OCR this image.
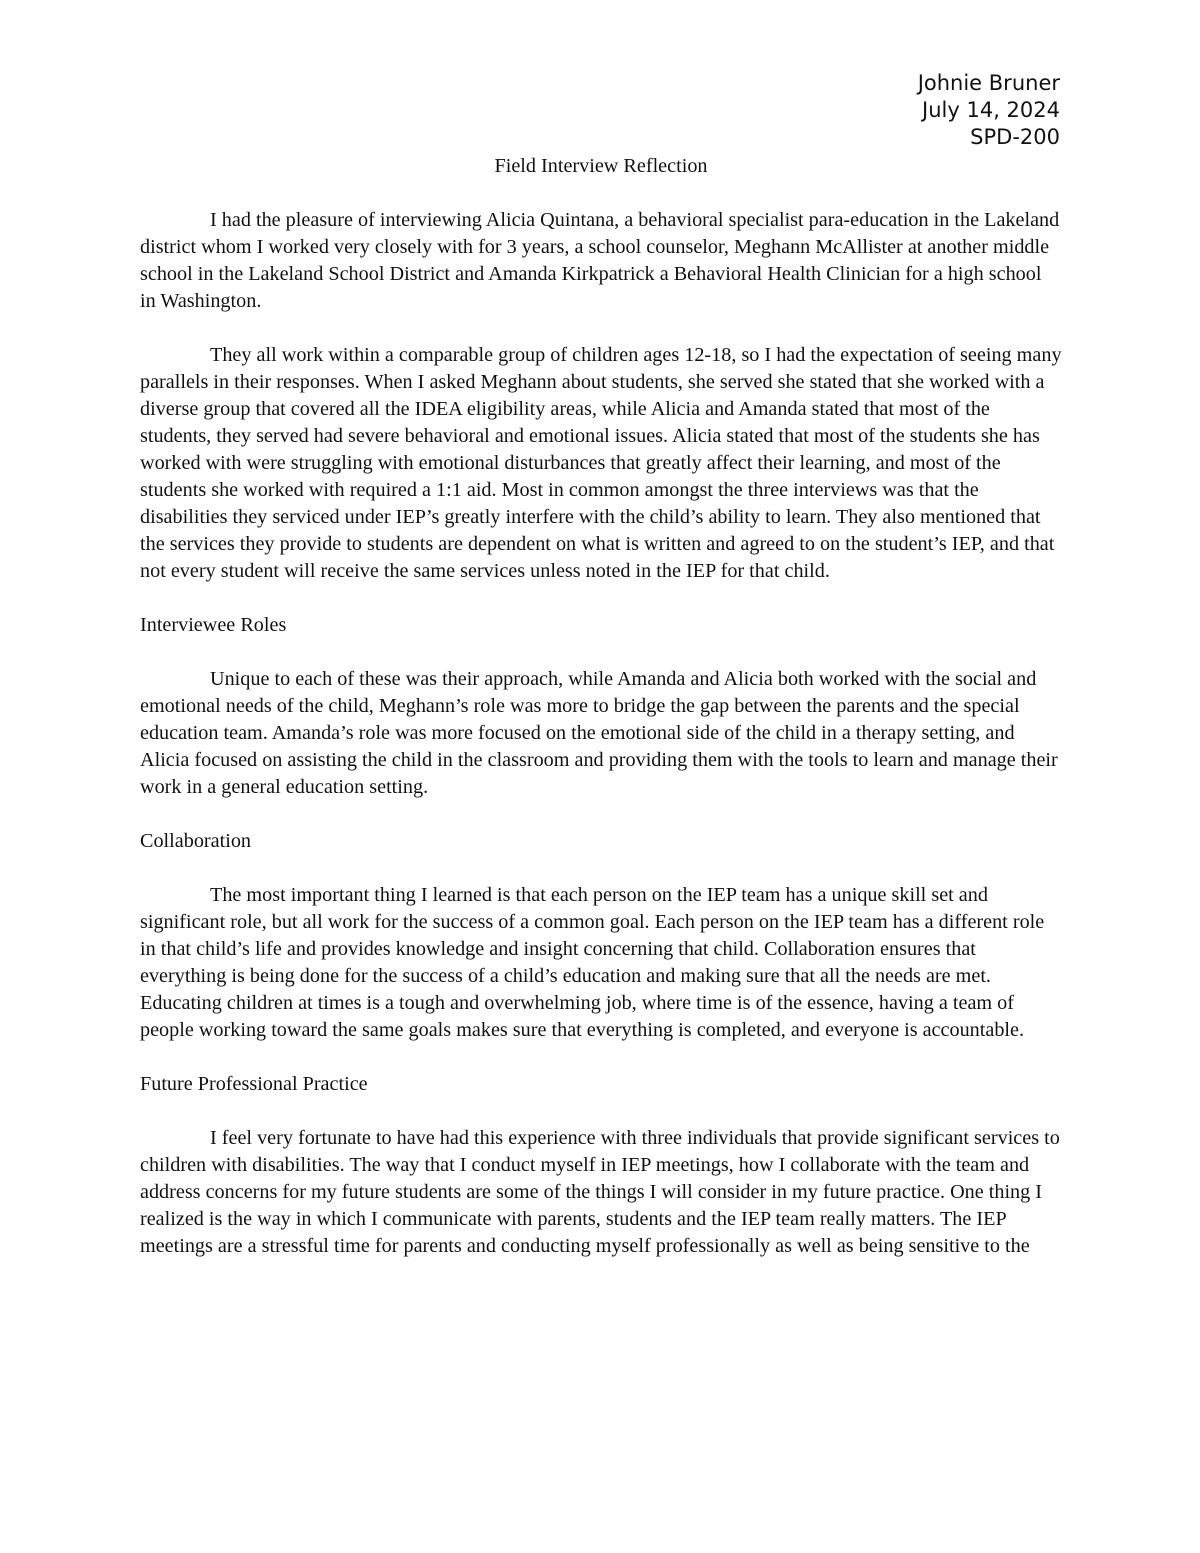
Johnie Bruner
July 14, 2024
SPD-200
Field Interview Reflection

I had the pleasure of interviewing Alicia Quintana, a behavioral specialist para-education in the Lakeland district whom I worked very closely with for 3 years, a school counselor, Meghann McAllister at another middle school in the Lakeland School District and Amanda Kirkpatrick a Behavioral Health Clinician for a high school in Washington.

They all work within a comparable group of children ages 12-18, so I had the expectation of seeing many parallels in their responses. When I asked Meghann about students, she served she stated that she worked with a diverse group that covered all the IDEA eligibility areas, while Alicia and Amanda stated that most of the students, they served had severe behavioral and emotional issues. Alicia stated that most of the students she has worked with were struggling with emotional disturbances that greatly affect their learning, and most of the students she worked with required a 1:1 aid. Most in common amongst the three interviews was that the disabilities they serviced under IEP’s greatly interfere with the child’s ability to learn. They also mentioned that the services they provide to students are dependent on what is written and agreed to on the student’s IEP, and that not every student will receive the same services unless noted in the IEP for that child.

Interviewee Roles

Unique to each of these was their approach, while Amanda and Alicia both worked with the social and emotional needs of the child, Meghann’s role was more to bridge the gap between the parents and the special education team. Amanda’s role was more focused on the emotional side of the child in a therapy setting, and Alicia focused on assisting the child in the classroom and providing them with the tools to learn and manage their work in a general education setting.

Collaboration

The most important thing I learned is that each person on the IEP team has a unique skill set and significant role, but all work for the success of a common goal. Each person on the IEP team has a different role in that child’s life and provides knowledge and insight concerning that child. Collaboration ensures that everything is being done for the success of a child’s education and making sure that all the needs are met. Educating children at times is a tough and overwhelming job, where time is of the essence, having a team of people working toward the same goals makes sure that everything is completed, and everyone is accountable.

Future Professional Practice

I feel very fortunate to have had this experience with three individuals that provide significant services to children with disabilities. The way that I conduct myself in IEP meetings, how I collaborate with the team and address concerns for my future students are some of the things I will consider in my future practice. One thing I realized is the way in which I communicate with parents, students and the IEP team really matters. The IEP meetings are a stressful time for parents and conducting myself professionally as well as being sensitive to the
